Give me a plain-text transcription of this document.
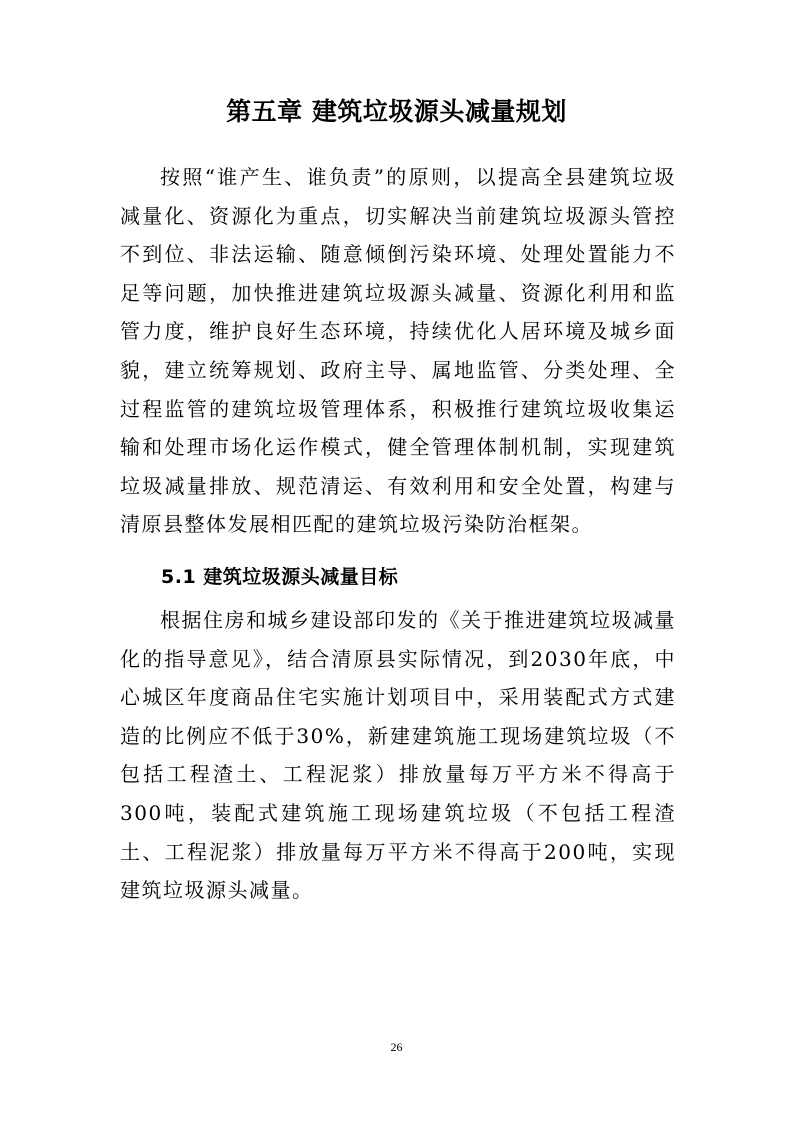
第五章 建筑垃圾源头减量规划

按照“谁产生、谁负责”的原则，以提高全县建筑垃圾减量化、资源化为重点，切实解决当前建筑垃圾源头管控不到位、非法运输、随意倾倒污染环境、处理处置能力不足等问题，加快推进建筑垃圾源头减量、资源化利用和监管力度，维护良好生态环境，持续优化人居环境及城乡面貌，建立统筹规划、政府主导、属地监管、分类处理、全过程监管的建筑垃圾管理体系，积极推行建筑垃圾收集运输和处理市场化运作模式，健全管理体制机制，实现建筑垃圾减量排放、规范清运、有效利用和安全处置，构建与清原县整体发展相匹配的建筑垃圾污染防治框架。

5.1 建筑垃圾源头减量目标

根据住房和城乡建设部印发的《关于推进建筑垃圾减量化的指导意见》，结合清原县实际情况，到2030年底，中心城区年度商品住宅实施计划项目中，采用装配式方式建造的比例应不低于30%，新建建筑施工现场建筑垃圾（不包括工程渣土、工程泥浆）排放量每万平方米不得高于300吨，装配式建筑施工现场建筑垃圾（不包括工程渣土、工程泥浆）排放量每万平方米不得高于200吨，实现建筑垃圾源头减量。

26
